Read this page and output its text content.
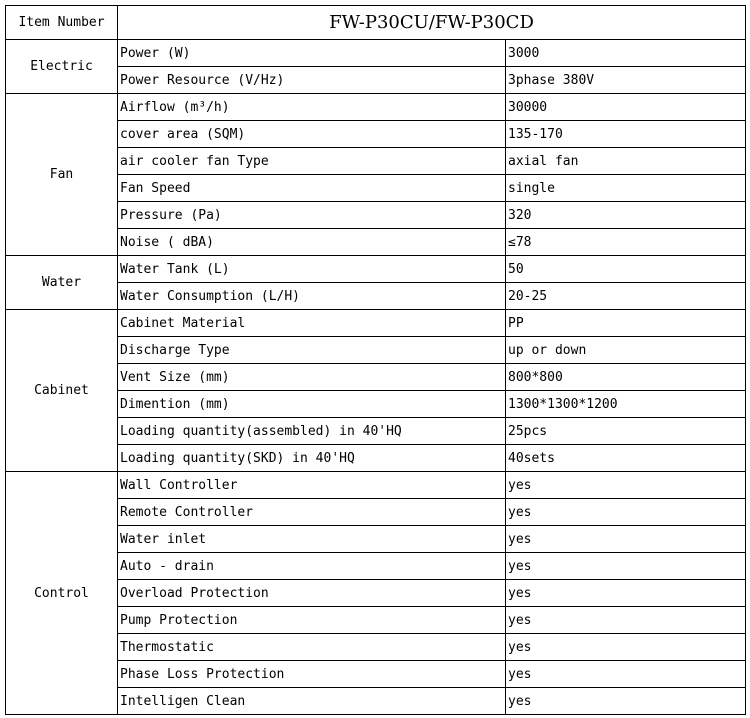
Item Number	FW-P30CU/FW-P30CD	
Electric	Power (W)	3000
	Power Resource (V/Hz)	3phase 380V
Fan	Airflow (m³/h)	30000
	cover area (SQM)	135-170
	air cooler fan Type	axial fan
	Fan Speed	single
	Pressure (Pa)	320
	Noise ( dBA)	≤78
Water	Water Tank (L)	50
	Water Consumption (L/H)	20-25
Cabinet	Cabinet Material	PP
	Discharge Type	up or down
	Vent Size (mm)	800*800
	Dimention (mm)	1300*1300*1200
	Loading quantity(assembled) in 40'HQ	25pcs
	Loading quantity(SKD) in 40'HQ	40sets
Control	Wall Controller	yes
	Remote Controller	yes
	Water inlet	yes
	Auto - drain	yes
	Overload Protection	yes
	Pump Protection	yes
	Thermostatic	yes
	Phase Loss Protection	yes
	Intelligen Clean	yes
